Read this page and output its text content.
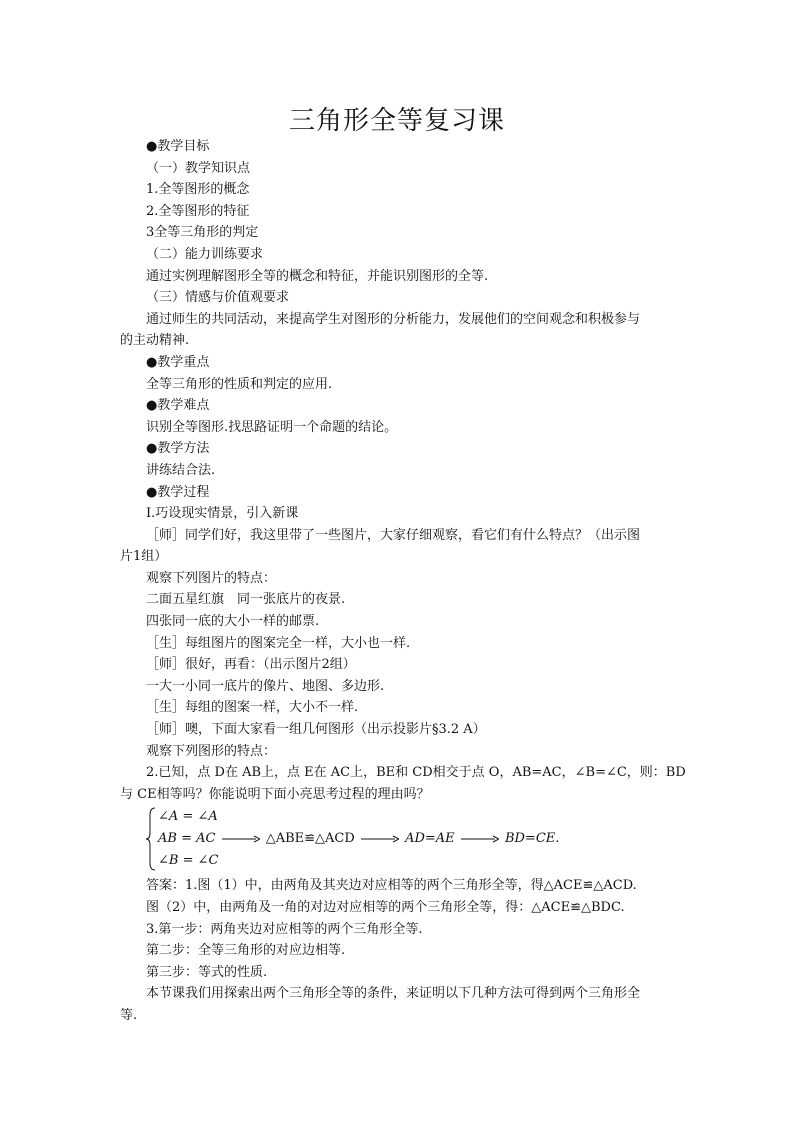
三角形全等复习课
● 教学目标
（一）教学知识点
1.全等图形的概念
2.全等图形的特征
3全等三角形的判定
（二）能力训练要求
通过实例理解图形全等的概念和特征，并能识别图形的全等.
（三）情感与价值观要求
通过师生的共同活动，来提高学生对图形的分析能力，发展他们的空间观念和积极参与
的主动精神.
● 教学重点
全等三角形的性质和判定的应用.
● 教学难点
识别全等图形.找思路证明一个命题的结论。
● 教学方法
讲练结合法.
● 教学过程
Ⅰ.巧设现实情景，引入新课
［师］同学们好，我这里带了一些图片，大家仔细观察，看它们有什么特点？（出示图
片1组）
观察下列图片的特点：
二面五星红旗　同一张底片的夜景.
四张同一底的大小一样的邮票.
［生］每组图片的图案完全一样，大小也一样.
［师］很好，再看：（出示图片2组）
一大一小同一底片的像片、地图、多边形.
［生］每组的图案一样，大小不一样.
［师］噢，下面大家看一组几何图形（出示投影片§3.2 A）
观察下列图形的特点：
2.已知，点 D在 AB上，点 E在 AC上，BE和 CD相交于点 O，AB=AC，∠B=∠C，则：BD
与 CE相等吗？你能说明下面小亮思考过程的理由吗？
∠A = ∠A
AB = AC	△ABE≌△ACD	AD=AE	BD=CE.
∠B = ∠C
答案：1.图（1）中，由两角及其夹边对应相等的两个三角形全等，得△ACE≌△ACD.
图（2）中，由两角及一角的对边对应相等的两个三角形全等，得：△ACE≌△BDC.
3.第一步：两角夹边对应相等的两个三角形全等.
第二步：全等三角形的对应边相等.
第三步：等式的性质.
本节课我们用探索出两个三角形全等的条件，来证明以下几种方法可得到两个三角形全
等.
